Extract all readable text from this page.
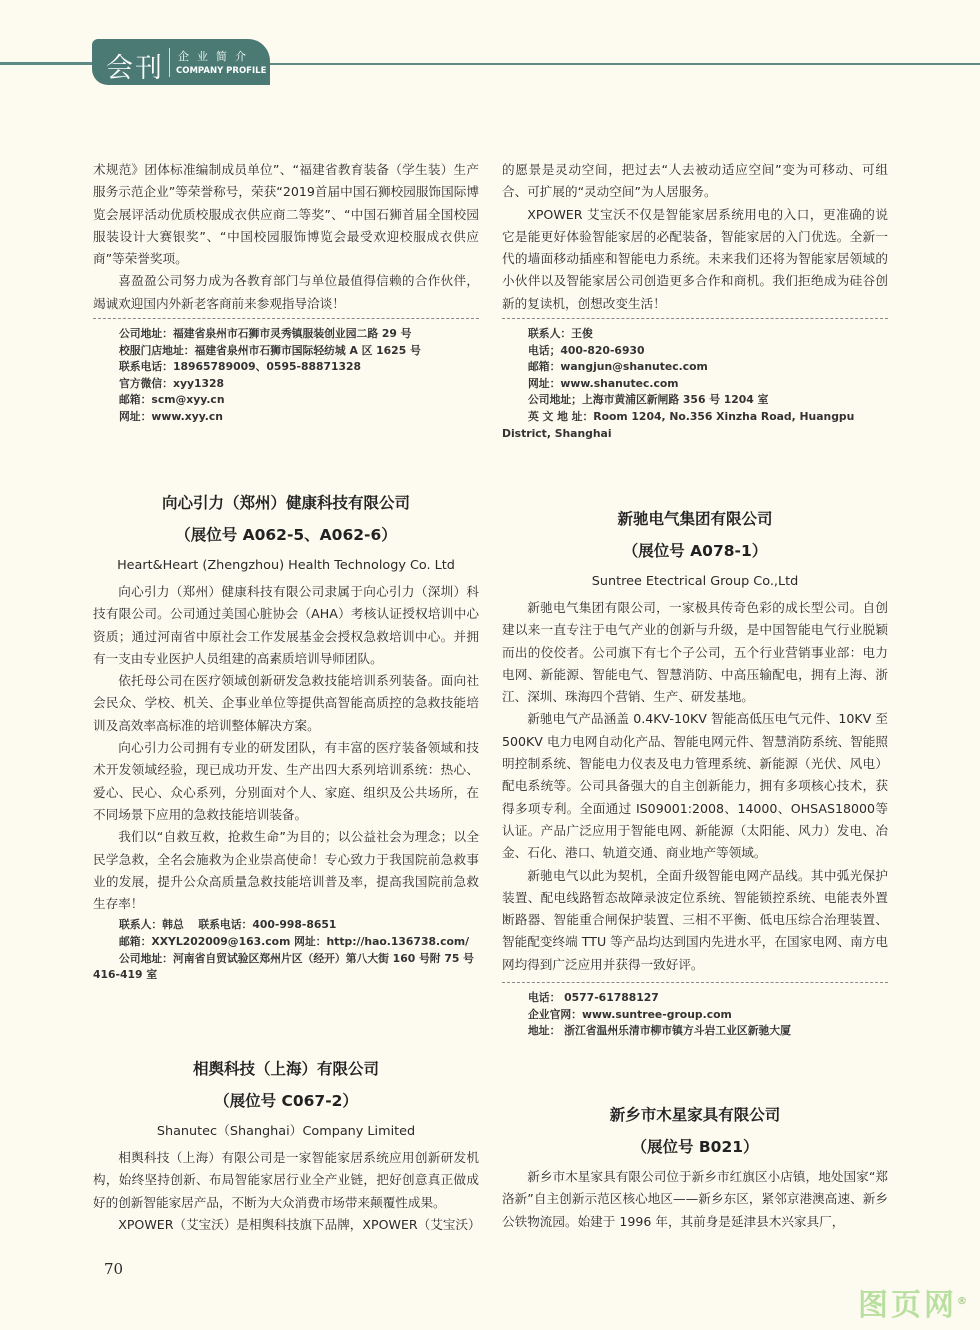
会刊 企业简介
COMPANY PROFILE

术规范》团体标准编制成员单位”、“福建省教育装备（学生装）生产服务示范企业”等荣誉称号，荣获“2019首届中国石狮校园服饰国际博览会展评活动优质校服成衣供应商二等奖”、“中国石狮首届全国校园服装设计大赛银奖”、“中国校园服饰博览会最受欢迎校服成衣供应商”等荣誉奖项。

喜盈盈公司努力成为各教育部门与单位最值得信赖的合作伙伴，竭诚欢迎国内外新老客商前来参观指导洽谈！

公司地址：福建省泉州市石狮市灵秀镇服装创业园二路 29 号
校服门店地址：福建省泉州市石狮市国际轻纺城 A 区 1625 号
联系电话：18965789009、0595-88871328
官方微信：xyy1328
邮箱：scm@xyy.cn
网址：www.xyy.cn
向心引力（郑州）健康科技有限公司
（展位号 A062-5、A062-6）
Heart&Heart (Zhengzhou) Health Technology Co. Ltd

向心引力（郑州）健康科技有限公司隶属于向心引力（深圳）科技有限公司。公司通过美国心脏协会（AHA）考核认证授权培训中心资质；通过河南省中原社会工作发展基金会授权急救培训中心。并拥有一支由专业医护人员组建的高素质培训导师团队。

依托母公司在医疗领域创新研发急救技能培训系列装备。面向社会民众、学校、机关、企事业单位等提供高智能高质控的急救技能培训及高效率高标准的培训整体解决方案。

向心引力公司拥有专业的研发团队，有丰富的医疗装备领域和技术开发领域经验，现已成功开发、生产出四大系列培训系统：热心、爱心、民心、众心系列，分别面对个人、家庭、组织及公共场所，在不同场景下应用的急救技能培训装备。

我们以“自救互救，抢救生命”为目的；以公益社会为理念；以全民学急救，全名会施救为企业崇高使命！专心致力于我国院前急救事业的发展，提升公众高质量急救技能培训普及率，提高我国院前急救生存率！

联系人：韩总　 联系电话：400-998-8651
邮箱：XXYL202009@163.com 网址：http://hao.136738.com/
公司地址：河南省自贸试验区郑州片区（经开）第八大街 160 号附 75 号 416-419 室
相舆科技（上海）有限公司
（展位号 C067-2）
Shanutec（Shanghai）Company Limited

相舆科技（上海）有限公司是一家智能家居系统应用创新研发机构，始终坚持创新、布局智能家居行业全产业链，把好创意真正做成好的创新智能家居产品，不断为大众消费市场带来颠覆性成果。

XPOWER（艾宝沃）是相舆科技旗下品牌，XPOWER（艾宝沃）

的愿景是灵动空间，把过去“人去被动适应空间”变为可移动、可组合、可扩展的“灵动空间”为人居服务。

XPOWER 艾宝沃不仅是智能家居系统用电的入口，更准确的说它是能更好体验智能家居的必配装备，智能家居的入门优选。全新一代的墙面移动插座和智能电力系统。未来我们还将为智能家居领域的小伙伴以及智能家居公司创造更多合作和商机。我们拒绝成为硅谷创新的复读机，创想改变生活！

联系人：王俊
电话；400-820-6930
邮箱：wangjun@shanutec.com
网址：www.shanutec.com
公司地址；上海市黄浦区新闸路 356 号 1204 室
英 文 地 址：Room 1204, No.356 Xinzha Road, Huangpu District, Shanghai
新驰电气集团有限公司
（展位号 A078-1）
Suntree Etectrical Group Co.,Ltd

新驰电气集团有限公司，一家极具传奇色彩的成长型公司。自创建以来一直专注于电气产业的创新与升级，是中国智能电气行业脱颖而出的佼佼者。公司旗下有七个子公司，五个行业营销事业部：电力电网、新能源、智能电气、智慧消防、中高压输配电，拥有上海、浙江、深圳、珠海四个营销、生产、研发基地。

新驰电气产品涵盖 0.4KV-10KV 智能高低压电气元件、10KV 至500KV 电力电网自动化产品、智能电网元件、智慧消防系统、智能照明控制系统、智能电力仪表及电力管理系统、新能源（光伏、风电）配电系统等。公司具备强大的自主创新能力，拥有多项核心技术，获得多项专利。全面通过 IS09001:2008、14000、OHSAS18000等认证。产品广泛应用于智能电网、新能源（太阳能、风力）发电、冶金、石化、港口、轨道交通、商业地产等领域。

新驰电气以此为契机，全面升级智能电网产品线。其中弧光保护装置、配电线路暂态故障录波定位系统、智能锁控系统、电能表外置断路器、智能重合闸保护装置、三相不平衡、低电压综合治理装置、智能配变终端 TTU 等产品均达到国内先进水平，在国家电网、南方电网均得到广泛应用并获得一致好评。

电话： 0577-61788127
企业官网：www.suntree-group.com
地址： 浙江省温州乐清市柳市镇方斗岩工业区新驰大厦
新乡市木星家具有限公司
（展位号 B021）

新乡市木星家具有限公司位于新乡市红旗区小店镇，地处国家“郑洛新”自主创新示范区核心地区——新乡东区，紧邻京港澳高速、新乡公铁物流园。始建于 1996 年，其前身是延津县木兴家具厂，

70
图页网®
